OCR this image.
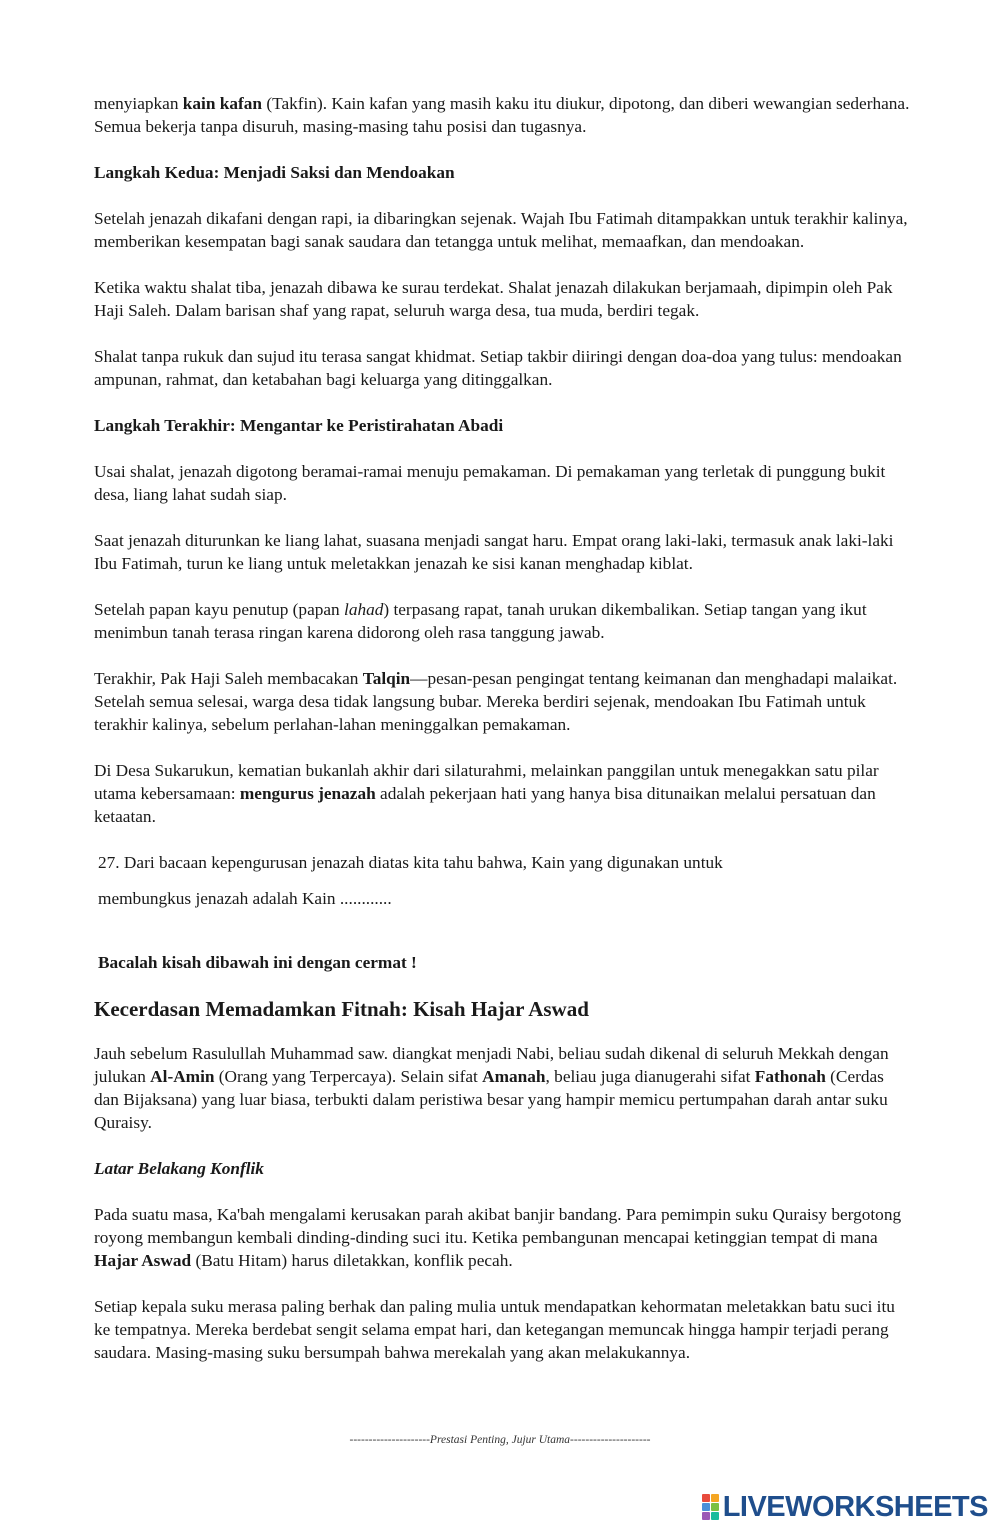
menyiapkan kain kafan (Takfin). Kain kafan yang masih kaku itu diukur, dipotong, dan diberi wewangian sederhana. Semua bekerja tanpa disuruh, masing-masing tahu posisi dan tugasnya.

Langkah Kedua: Menjadi Saksi dan Mendoakan

Setelah jenazah dikafani dengan rapi, ia dibaringkan sejenak. Wajah Ibu Fatimah ditampakkan untuk terakhir kalinya, memberikan kesempatan bagi sanak saudara dan tetangga untuk melihat, memaafkan, dan mendoakan.

Ketika waktu shalat tiba, jenazah dibawa ke surau terdekat. Shalat jenazah dilakukan berjamaah, dipimpin oleh Pak Haji Saleh. Dalam barisan shaf yang rapat, seluruh warga desa, tua muda, berdiri tegak.

Shalat tanpa rukuk dan sujud itu terasa sangat khidmat. Setiap takbir diiringi dengan doa-doa yang tulus: mendoakan ampunan, rahmat, dan ketabahan bagi keluarga yang ditinggalkan.

Langkah Terakhir: Mengantar ke Peristirahatan Abadi

Usai shalat, jenazah digotong beramai-ramai menuju pemakaman. Di pemakaman yang terletak di punggung bukit desa, liang lahat sudah siap.

Saat jenazah diturunkan ke liang lahat, suasana menjadi sangat haru. Empat orang laki-laki, termasuk anak laki-laki Ibu Fatimah, turun ke liang untuk meletakkan jenazah ke sisi kanan menghadap kiblat.

Setelah papan kayu penutup (papan lahad) terpasang rapat, tanah urukan dikembalikan. Setiap tangan yang ikut menimbun tanah terasa ringan karena didorong oleh rasa tanggung jawab.

Terakhir, Pak Haji Saleh membacakan Talqin—pesan-pesan pengingat tentang keimanan dan menghadapi malaikat. Setelah semua selesai, warga desa tidak langsung bubar. Mereka berdiri sejenak, mendoakan Ibu Fatimah untuk terakhir kalinya, sebelum perlahan-lahan meninggalkan pemakaman.

Di Desa Sukarukun, kematian bukanlah akhir dari silaturahmi, melainkan panggilan untuk menegakkan satu pilar utama kebersamaan: mengurus jenazah adalah pekerjaan hati yang hanya bisa ditunaikan melalui persatuan dan ketaatan.

27. Dari bacaan kepengurusan jenazah diatas kita tahu bahwa, Kain yang digunakan untuk
membungkus jenazah adalah Kain ............
Bacalah kisah dibawah ini dengan cermat !
Kecerdasan Memadamkan Fitnah: Kisah Hajar Aswad

Jauh sebelum Rasulullah Muhammad saw. diangkat menjadi Nabi, beliau sudah dikenal di seluruh Mekkah dengan julukan Al-Amin (Orang yang Terpercaya). Selain sifat Amanah, beliau juga dianugerahi sifat Fathonah (Cerdas dan Bijaksana) yang luar biasa, terbukti dalam peristiwa besar yang hampir memicu pertumpahan darah antar suku Quraisy.

Latar Belakang Konflik

Pada suatu masa, Ka'bah mengalami kerusakan parah akibat banjir bandang. Para pemimpin suku Quraisy bergotong royong membangun kembali dinding-dinding suci itu. Ketika pembangunan mencapai ketinggian tempat di mana Hajar Aswad (Batu Hitam) harus diletakkan, konflik pecah.

Setiap kepala suku merasa paling berhak dan paling mulia untuk mendapatkan kehormatan meletakkan batu suci itu ke tempatnya. Mereka berdebat sengit selama empat hari, dan ketegangan memuncak hingga hampir terjadi perang saudara. Masing-masing suku bersumpah bahwa merekalah yang akan melakukannya.

---------------------Prestasi Penting, Jujur Utama---------------------
LIVEWORKSHEETS
